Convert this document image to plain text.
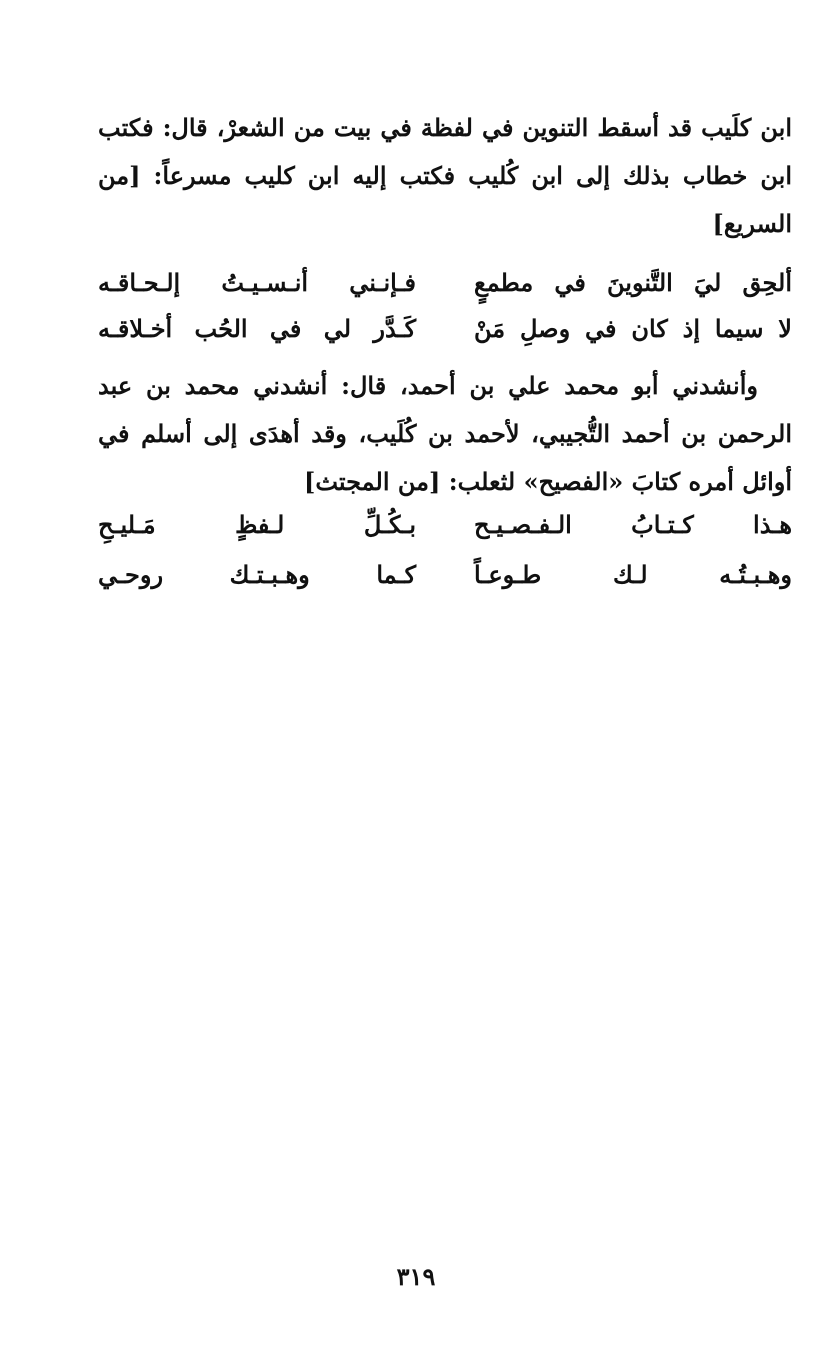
ابن كلَيب قد أسقط التنوين في لفظة في بيت من الشعرْ، قال: فكتب ابن خطاب بذلك إلى ابن كُليب فكتب إليه ابن كليب مسرعاً: [من السريع]

ألحِق ليَ التَّنوينَ في مطمعٍ
فـإنـني أنـسـيـتُ إلـحـاقـه
لا سيما إذ كان في وصلِ مَنْ
كَـدَّر لي في الحُب أخـلاقـه

وأنشدني أبو محمد علي بن أحمد، قال: أنشدني محمد بن عبد الرحمن بن أحمد التُّجيبي، لأحمد بن كُلَيب، وقد أهدَى إلى أسلم في أوائل أمره كتابَ «الفصيح» لثعلب: [من المجتث]

هـذا كـتـابُ الـفـصـيـح
بـكُـلِّ لـفظٍ مَـليـحِ
وهـبـتُـه لـك طـوعـاً
كـما وهـبـتـك روحـي
٣١٩
